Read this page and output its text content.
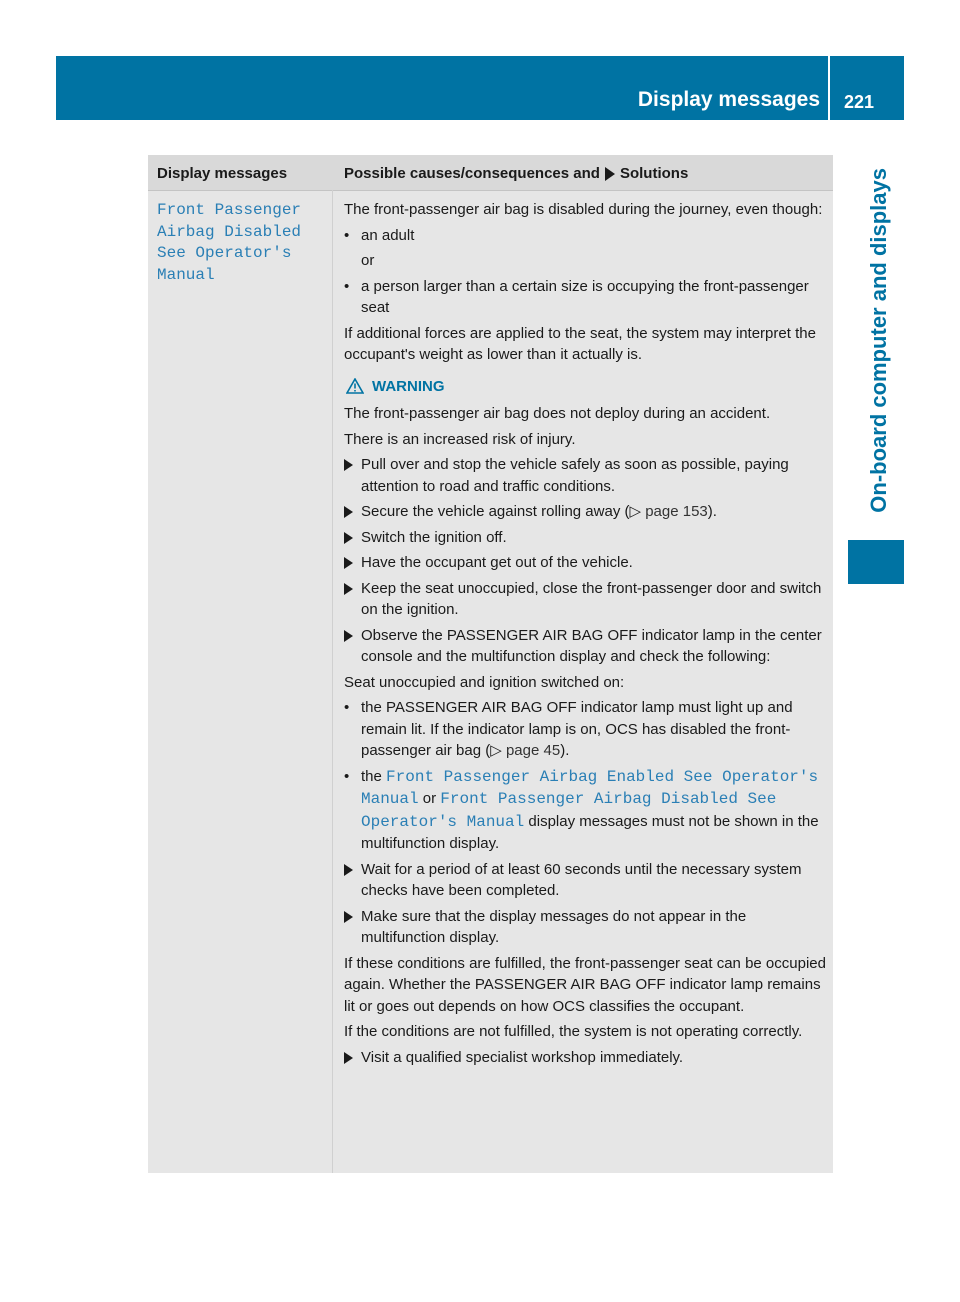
Display messages 221
On-board computer and displays
Display messages	Possible causes/consequences and Solutions
Front Passenger Airbag Disabled See Operator's Manual

The front-passenger air bag is disabled during the journey, even though:

• an adult
or
• a person larger than a certain size is occupying the front-passenger seat

If additional forces are applied to the seat, the system may interpret the occupant's weight as lower than it actually is.

WARNING

The front-passenger air bag does not deploy during an accident.

There is an increased risk of injury.

Pull over and stop the vehicle safely as soon as possible, paying attention to road and traffic conditions.
Secure the vehicle against rolling away (▷ page 153).
Switch the ignition off.
Have the occupant get out of the vehicle.
Keep the seat unoccupied, close the front-passenger door and switch on the ignition.
Observe the PASSENGER AIR BAG OFF indicator lamp in the center console and the multifunction display and check the following:

Seat unoccupied and ignition switched on:

• the PASSENGER AIR BAG OFF indicator lamp must light up and remain lit. If the indicator lamp is on, OCS has disabled the front-passenger air bag (▷ page 45).
• the Front Passenger Airbag Enabled See Operator's Manual or Front Passenger Airbag Disabled See Operator's Manual display messages must not be shown in the multifunction display.
Wait for a period of at least 60 seconds until the necessary system checks have been completed.
Make sure that the display messages do not appear in the multifunction display.

If these conditions are fulfilled, the front-passenger seat can be occupied again. Whether the PASSENGER AIR BAG OFF indicator lamp remains lit or goes out depends on how OCS classifies the occupant.

If the conditions are not fulfilled, the system is not operating correctly.

Visit a qualified specialist workshop immediately.
